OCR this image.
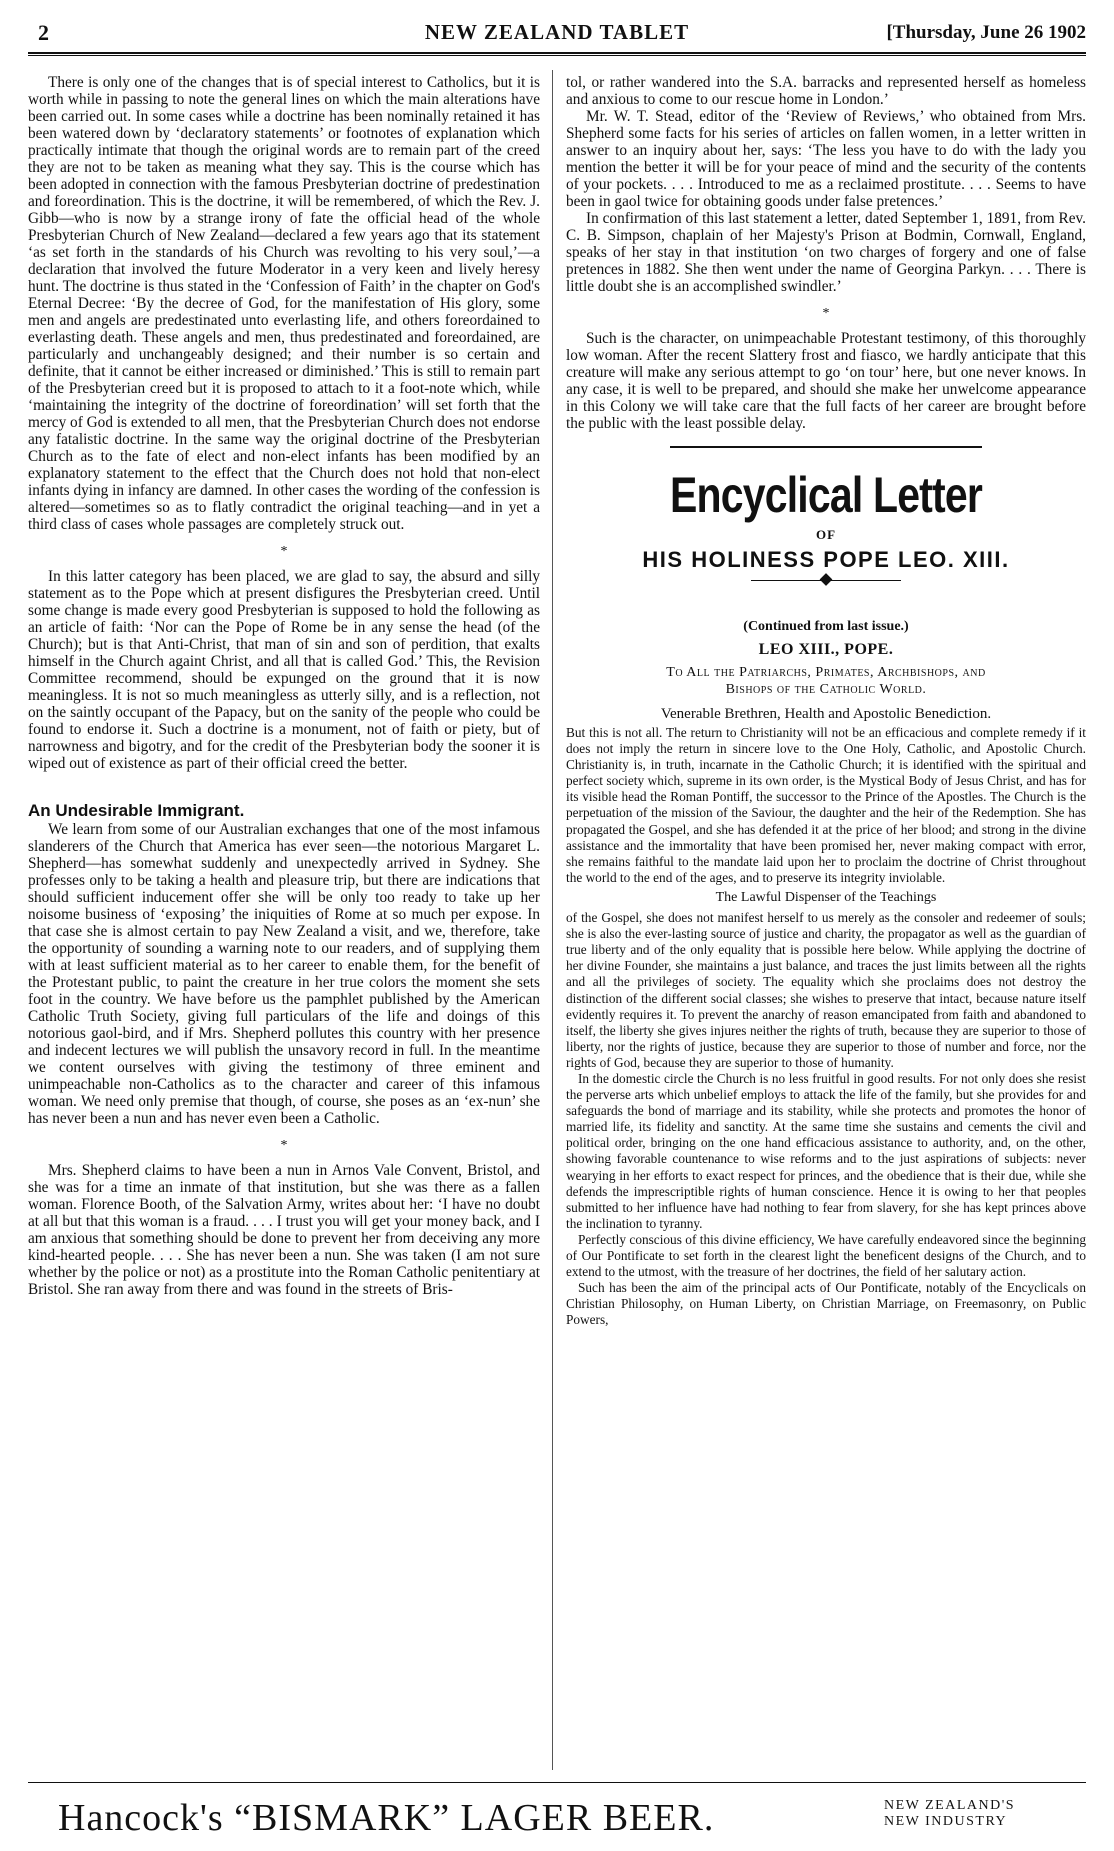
2	NEW ZEALAND TABLET	[Thursday, June 26 1902

There is only one of the changes that is of special interest to Catholics, but it is worth while in passing to note the general lines on which the main alterations have been carried out. In some cases while a doctrine has been nominally retained it has been watered down by ‘declaratory statements’ or footnotes of explanation which practically intimate that though the original words are to remain part of the creed they are not to be taken as meaning what they say. This is the course which has been adopted in connection with the famous Presbyterian doctrine of predestination and foreordination. This is the doctrine, it will be remembered, of which the Rev. J. Gibb—who is now by a strange irony of fate the official head of the whole Presbyterian Church of New Zealand—declared a few years ago that its statement ‘as set forth in the standards of his Church was revolting to his very soul,’—a declaration that involved the future Moderator in a very keen and lively heresy hunt. The doctrine is thus stated in the ‘Confession of Faith’ in the chapter on God's Eternal Decree: ‘By the decree of God, for the manifestation of His glory, some men and angels are predestinated unto everlasting life, and others foreordained to everlasting death. These angels and men, thus predestinated and foreordained, are particularly and unchangeably designed; and their number is so certain and definite, that it cannot be either increased or diminished.’ This is still to remain part of the Presbyterian creed but it is proposed to attach to it a foot-note which, while ‘maintaining the integrity of the doctrine of foreordination’ will set forth that the mercy of God is extended to all men, that the Presbyterian Church does not endorse any fatalistic doctrine. In the same way the original doctrine of the Presbyterian Church as to the fate of elect and non-elect infants has been modified by an explanatory statement to the effect that the Church does not hold that non-elect infants dying in infancy are damned. In other cases the wording of the confession is altered—sometimes so as to flatly contradict the original teaching—and in yet a third class of cases whole passages are completely struck out.

*

In this latter category has been placed, we are glad to say, the absurd and silly statement as to the Pope which at present disfigures the Presbyterian creed. Until some change is made every good Presbyterian is supposed to hold the following as an article of faith: ‘Nor can the Pope of Rome be in any sense the head (of the Church); but is that Anti-Christ, that man of sin and son of perdition, that exalts himself in the Church againt Christ, and all that is called God.’ This, the Revision Committee recommend, should be expunged on the ground that it is now meaningless. It is not so much meaningless as utterly silly, and is a reflection, not on the saintly occupant of the Papacy, but on the sanity of the people who could be found to endorse it. Such a doctrine is a monument, not of faith or piety, but of narrowness and bigotry, and for the credit of the Presbyterian body the sooner it is wiped out of existence as part of their official creed the better.

An Undesirable Immigrant.

We learn from some of our Australian exchanges that one of the most infamous slanderers of the Church that America has ever seen—the notorious Margaret L. Shepherd—has somewhat suddenly and unexpectedly arrived in Sydney. She professes only to be taking a health and pleasure trip, but there are indications that should sufficient inducement offer she will be only too ready to take up her noisome business of ‘exposing’ the iniquities of Rome at so much per expose. In that case she is almost certain to pay New Zealand a visit, and we, therefore, take the opportunity of sounding a warning note to our readers, and of supplying them with at least sufficient material as to her career to enable them, for the benefit of the Protestant public, to paint the creature in her true colors the moment she sets foot in the country. We have before us the pamphlet published by the American Catholic Truth Society, giving full particulars of the life and doings of this notorious gaol-bird, and if Mrs. Shepherd pollutes this country with her presence and indecent lectures we will publish the unsavory record in full. In the meantime we content ourselves with giving the testimony of three eminent and unimpeachable non-Catholics as to the character and career of this infamous woman. We need only premise that though, of course, she poses as an ‘ex-nun’ she has never been a nun and has never even been a Catholic.

*

Mrs. Shepherd claims to have been a nun in Arnos Vale Convent, Bristol, and she was for a time an inmate of that institution, but she was there as a fallen woman. Florence Booth, of the Salvation Army, writes about her: ‘I have no doubt at all but that this woman is a fraud. . . . I trust you will get your money back, and I am anxious that something should be done to prevent her from deceiving any more kind-hearted people. . . . She has never been a nun. She was taken (I am not sure whether by the police or not) as a prostitute into the Roman Catholic penitentiary at Bristol. She ran away from there and was found in the streets of Bris-

tol, or rather wandered into the S.A. barracks and represented herself as homeless and anxious to come to our rescue home in London.’

Mr. W. T. Stead, editor of the ‘Review of Reviews,’ who obtained from Mrs. Shepherd some facts for his series of articles on fallen women, in a letter written in answer to an inquiry about her, says: ‘The less you have to do with the lady you mention the better it will be for your peace of mind and the security of the contents of your pockets. . . . Introduced to me as a reclaimed prostitute. . . . Seems to have been in gaol twice for obtaining goods under false pretences.’

In confirmation of this last statement a letter, dated September 1, 1891, from Rev. C. B. Simpson, chaplain of her Majesty's Prison at Bodmin, Cornwall, England, speaks of her stay in that institution ‘on two charges of forgery and one of false pretences in 1882. She then went under the name of Georgina Parkyn. . . . There is little doubt she is an accomplished swindler.’

*

Such is the character, on unimpeachable Protestant testimony, of this thoroughly low woman. After the recent Slattery frost and fiasco, we hardly anticipate that this creature will make any serious attempt to go ‘on tour’ here, but one never knows. In any case, it is well to be prepared, and should she make her unwelcome appearance in this Colony we will take care that the full facts of her career are brought before the public with the least possible delay.

Encyclical Letter
OF
HIS HOLINESS POPE LEO. XIII.
(Continued from last issue.)
LEO XIII., POPE.
To All the Patriarchs, Primates, Archbishops, and
Bishops of the Catholic World.
Venerable Brethren, Health and Apostolic Benediction.

But this is not all. The return to Christianity will not be an efficacious and complete remedy if it does not imply the return in sincere love to the One Holy, Catholic, and Apostolic Church. Christianity is, in truth, incarnate in the Catholic Church; it is identified with the spiritual and perfect society which, supreme in its own order, is the Mystical Body of Jesus Christ, and has for its visible head the Roman Pontiff, the successor to the Prince of the Apostles. The Church is the perpetuation of the mission of the Saviour, the daughter and the heir of the Redemption. She has propagated the Gospel, and she has defended it at the price of her blood; and strong in the divine assistance and the immortality that have been promised her, never making compact with error, she remains faithful to the mandate laid upon her to proclaim the doctrine of Christ throughout the world to the end of the ages, and to preserve its integrity inviolable.

The Lawful Dispenser of the Teachings

of the Gospel, she does not manifest herself to us merely as the consoler and redeemer of souls; she is also the ever-lasting source of justice and charity, the propagator as well as the guardian of true liberty and of the only equality that is possible here below. While applying the doctrine of her divine Founder, she maintains a just balance, and traces the just limits between all the rights and all the privileges of society. The equality which she proclaims does not destroy the distinction of the different social classes; she wishes to preserve that intact, because nature itself evidently requires it. To prevent the anarchy of reason emancipated from faith and abandoned to itself, the liberty she gives injures neither the rights of truth, because they are superior to those of liberty, nor the rights of justice, because they are superior to those of number and force, nor the rights of God, because they are superior to those of humanity.

In the domestic circle the Church is no less fruitful in good results. For not only does she resist the perverse arts which unbelief employs to attack the life of the family, but she provides for and safeguards the bond of marriage and its stability, while she protects and promotes the honor of married life, its fidelity and sanctity. At the same time she sustains and cements the civil and political order, bringing on the one hand efficacious assistance to authority, and, on the other, showing favorable countenance to wise reforms and to the just aspirations of subjects: never wearying in her efforts to exact respect for princes, and the obedience that is their due, while she defends the imprescriptible rights of human conscience. Hence it is owing to her that peoples submitted to her influence have had nothing to fear from slavery, for she has kept princes above the inclination to tyranny.

Perfectly conscious of this divine efficiency, We have carefully endeavored since the beginning of Our Pontificate to set forth in the clearest light the beneficent designs of the Church, and to extend to the utmost, with the treasure of her doctrines, the field of her salutary action.

Such has been the aim of the principal acts of Our Pontificate, notably of the Encyclicals on Christian Philosophy, on Human Liberty, on Christian Marriage, on Freemasonry, on Public Powers,

Hancock's “BISMARK” LAGER BEER.	NEW ZEALAND'S
NEW INDUSTRY
